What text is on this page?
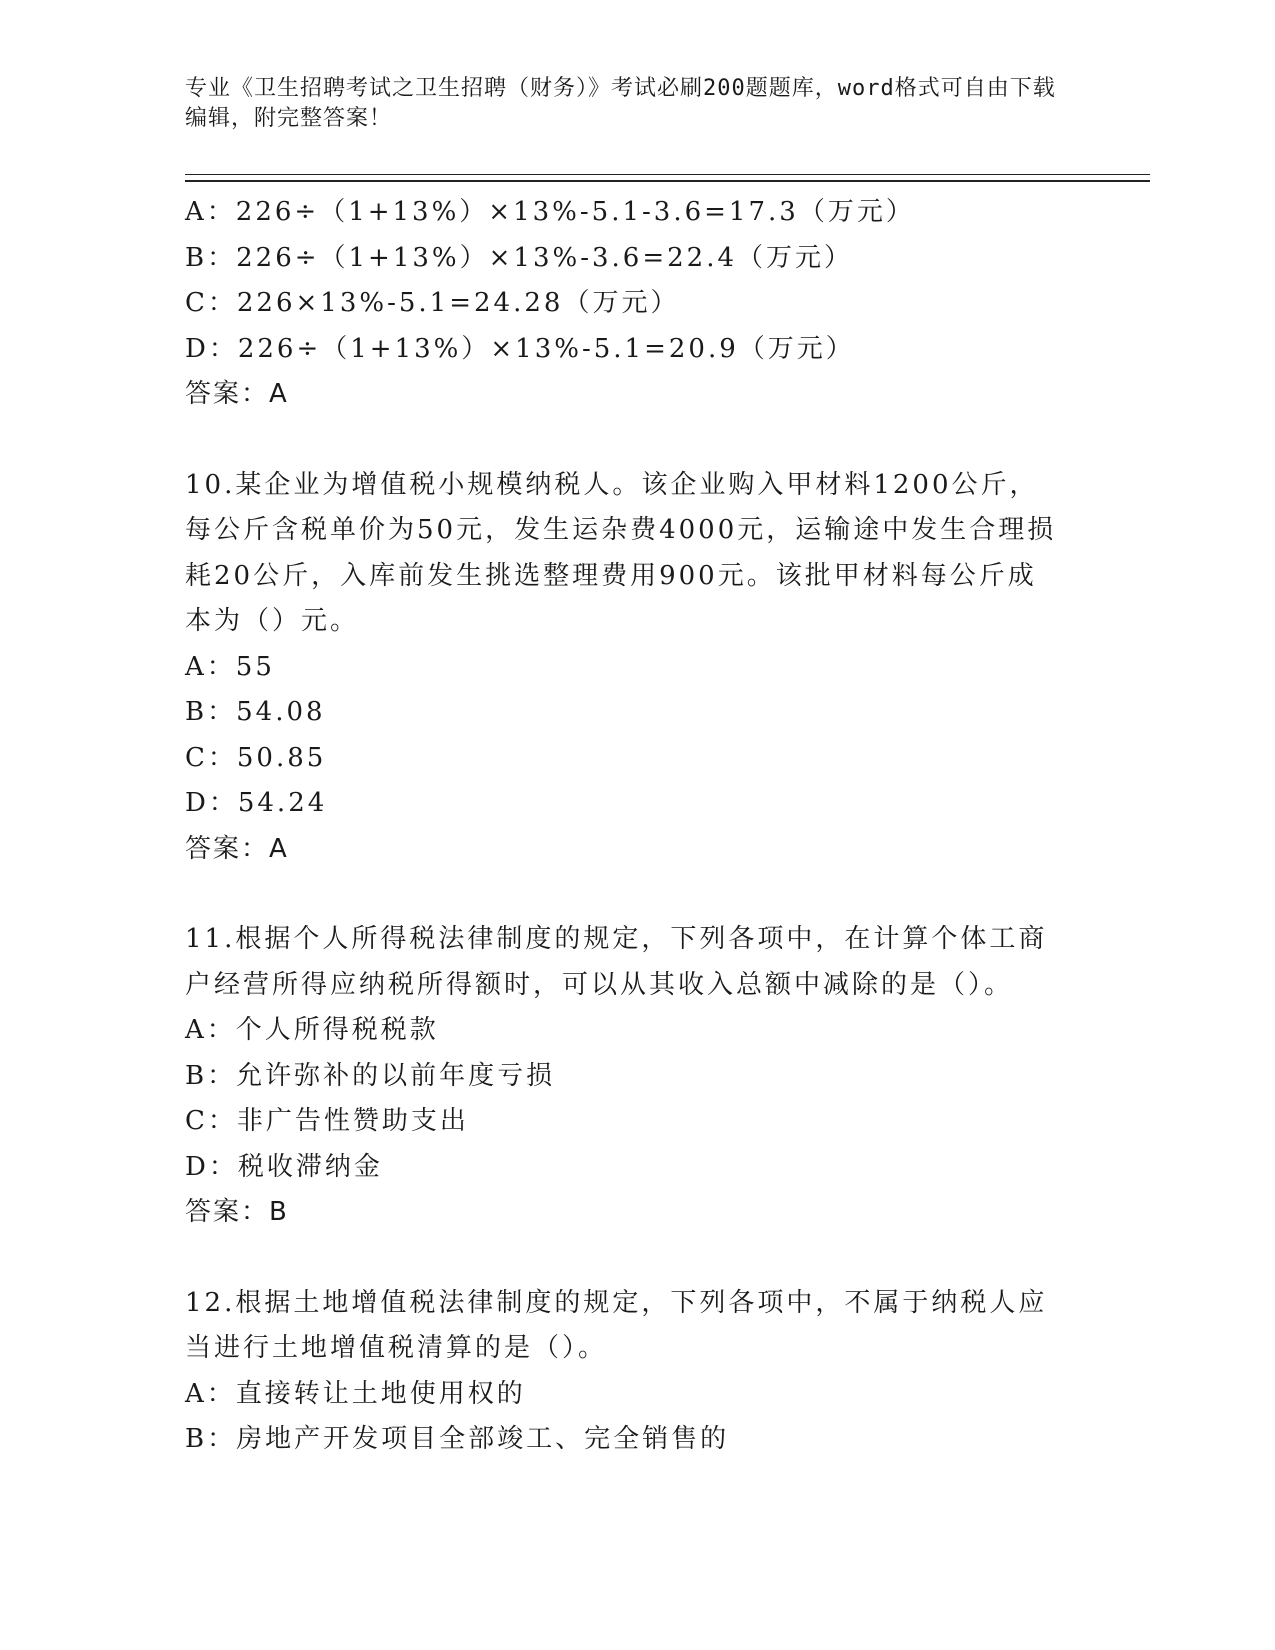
专业《卫生招聘考试之卫生招聘（财务）》考试必刷200题题库，word格式可自由下载编辑，附完整答案！
A：226÷（1+13%）×13%-5.1-3.6=17.3（万元）
B：226÷（1+13%）×13%-3.6=22.4（万元）
C：226×13%-5.1=24.28（万元）
D：226÷（1+13%）×13%-5.1=20.9（万元）
答案：A
10.某企业为增值税小规模纳税人。该企业购入甲材料1200公斤，每公斤含税单价为50元，发生运杂费4000元，运输途中发生合理损耗20公斤，入库前发生挑选整理费用900元。该批甲材料每公斤成本为（）元。
A：55
B：54.08
C：50.85
D：54.24
答案：A
11.根据个人所得税法律制度的规定，下列各项中，在计算个体工商户经营所得应纳税所得额时，可以从其收入总额中减除的是（）。
A：个人所得税税款
B：允许弥补的以前年度亏损
C：非广告性赞助支出
D：税收滞纳金
答案：B
12.根据土地增值税法律制度的规定，下列各项中，不属于纳税人应当进行土地增值税清算的是（）。
A：直接转让土地使用权的
B：房地产开发项目全部竣工、完全销售的
